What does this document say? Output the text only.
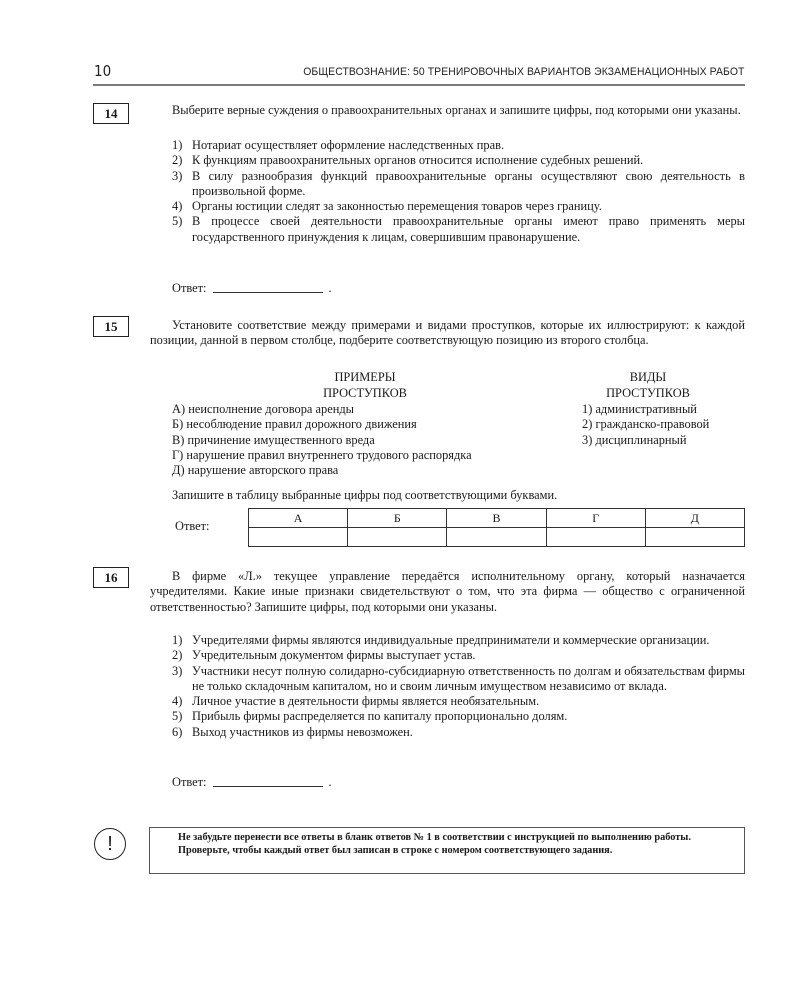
10	ОБЩЕСТВОЗНАНИЕ: 50 ТРЕНИРОВОЧНЫХ ВАРИАНТОВ ЭКЗАМЕНАЦИОННЫХ РАБОТ
14	Выберите верные суждения о правоохранительных органах и запишите цифры, под которыми они указаны.
1) Нотариат осуществляет оформление наследственных прав.
2) К функциям правоохранительных органов относится исполнение судебных решений.
3) В силу разнообразия функций правоохранительные органы осуществляют свою деятельность в произвольной форме.
4) Органы юстиции следят за законностью перемещения товаров через границу.
5) В процессе своей деятельности правоохранительные органы имеют право применять меры государственного принуждения к лицам, совершившим правонарушение.
Ответ:	.
15	Установите соответствие между примерами и видами проступков, которые их иллюстрируют: к каждой позиции, данной в первом столбце, подберите соответствующую позицию из второго столбца.
ПРИМЕРЫ
ПРОСТУПКОВ
ВИДЫ
ПРОСТУПКОВ
А) неисполнение договора аренды
Б) несоблюдение правил дорожного движения
В) причинение имущественного вреда
Г) нарушение правил внутреннего трудового распорядка
Д) нарушение авторского права
1) административный
2) гражданско-правовой
3) дисциплинарный
Запишите в таблицу выбранные цифры под соответствующими буквами.
Ответ:
А	Б	В	Г	Д

16	В фирме «Л.» текущее управление передаётся исполнительному органу, который назначается учредителями. Какие иные признаки свидетельствуют о том, что эта фирма — общество с ограниченной ответственностью? Запишите цифры, под которыми они указаны.
1) Учредителями фирмы являются индивидуальные предприниматели и коммерческие организации.
2) Учредительным документом фирмы выступает устав.
3) Участники несут полную солидарно-субсидиарную ответственность по долгам и обязательствам фирмы не только складочным капиталом, но и своим личным имуществом независимо от вклада.
4) Личное участие в деятельности фирмы является необязательным.
5) Прибыль фирмы распределяется по капиталу пропорционально долям.
6) Выход участников из фирмы невозможен.
Ответ:	.
!	Не забудьте перенести все ответы в бланк ответов № 1 в соответствии с инструкцией по выполнению работы.
Проверьте, чтобы каждый ответ был записан в строке с номером соответствующего задания.
